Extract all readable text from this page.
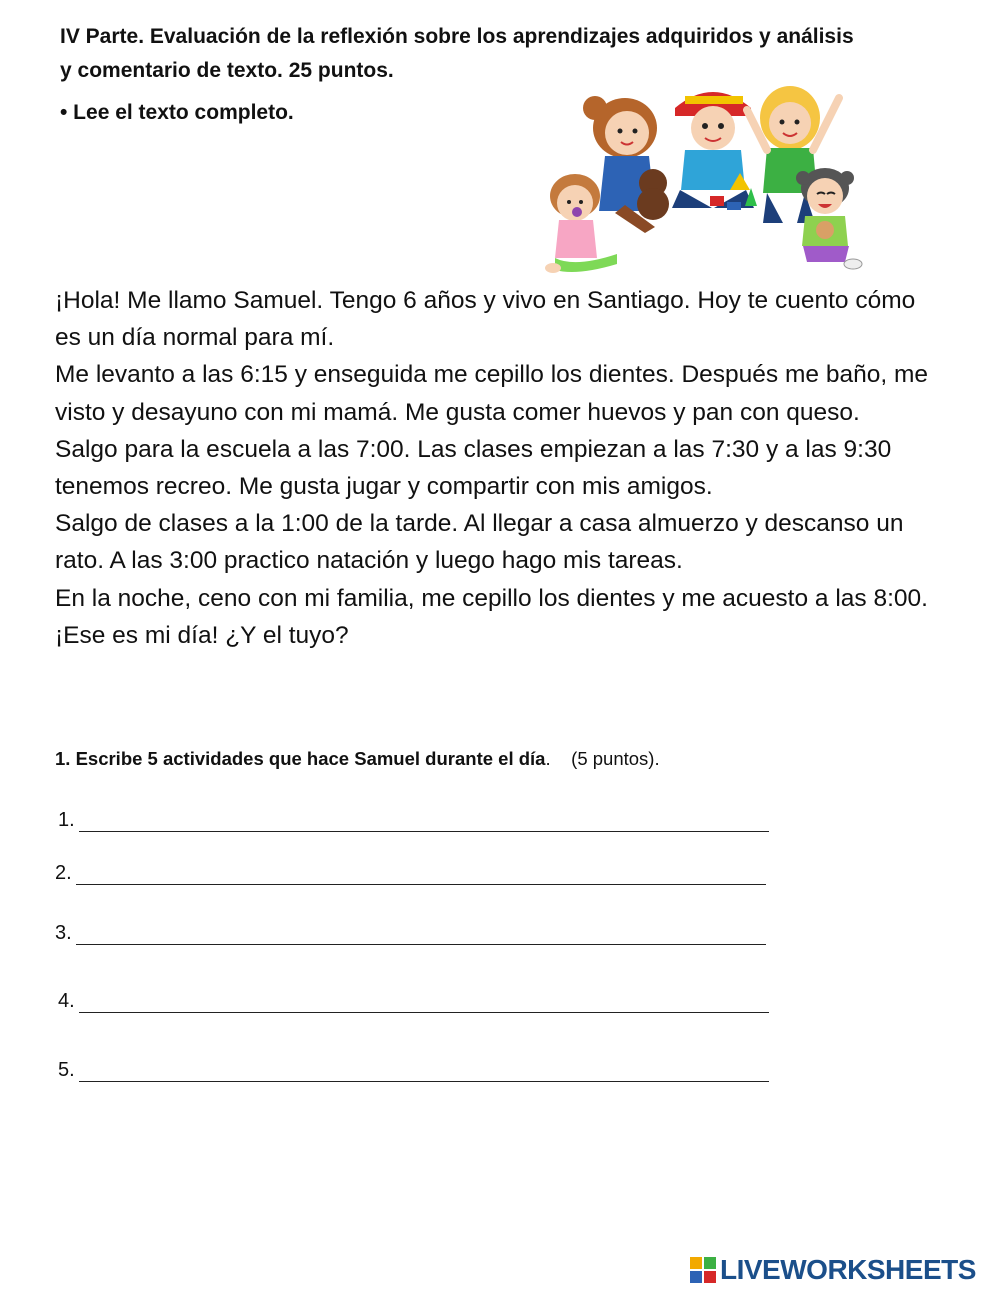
IV Parte. Evaluación de la reflexión sobre los aprendizajes adquiridos y análisis y comentario de texto. 25 puntos.
• Lee el texto completo.

¡Hola! Me llamo Samuel. Tengo 6 años y vivo en Santiago. Hoy te cuento cómo es un día normal para mí.

Me levanto a las 6:15 y enseguida me cepillo los dientes. Después me baño, me visto y desayuno con mi mamá. Me gusta comer huevos y pan con queso.

Salgo para la escuela a las 7:00. Las clases empiezan a las 7:30 y a las 9:30 tenemos recreo. Me gusta jugar y compartir con mis amigos.

Salgo de clases a la 1:00 de la tarde. Al llegar a casa almuerzo y descanso un rato. A las 3:00 practico natación y luego hago mis tareas.

En la noche, ceno con mi familia, me cepillo los dientes y me acuesto a las 8:00.

¡Ese es mi día! ¿Y el tuyo?

1. Escribe 5 actividades que hace Samuel durante el día. (5 puntos).
1.
2.
3.
4.
5.
LIVEWORKSHEETS
